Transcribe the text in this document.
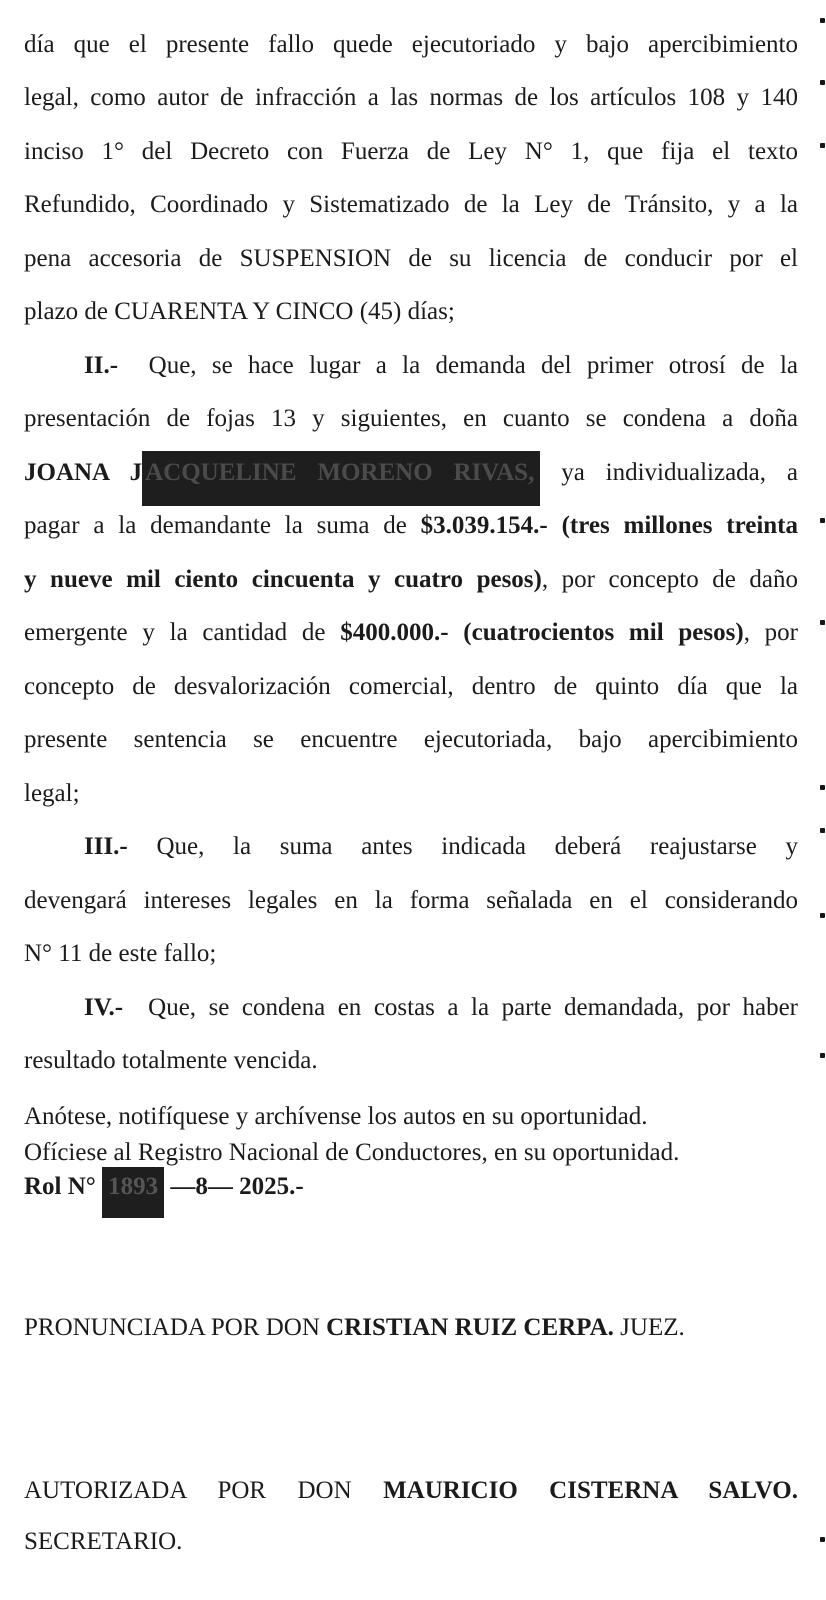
día que el presente fallo quede ejecutoriado y bajo apercibimiento
legal, como autor de infracción a las normas de los artículos 108 y 140
inciso 1° del Decreto con Fuerza de Ley N° 1, que fija el texto
Refundido, Coordinado y Sistematizado de la Ley de Tránsito, y a la
pena accesoria de SUSPENSION de su licencia de conducir por el
plazo de CUARENTA Y CINCO (45) días;
II.-  Que, se hace lugar a la demanda del primer otrosí de la
presentación de fojas 13 y siguientes, en cuanto se condena a doña
JOANA J ACQUELINE MORENO RIVAS, ya individualizada, a
pagar a la demandante la suma de $3.039.154.- (tres millones treinta
y nueve mil ciento cincuenta y cuatro pesos), por concepto de daño
emergente y la cantidad de $400.000.- (cuatrocientos mil pesos), por
concepto de desvalorización comercial, dentro de quinto día que la
presente sentencia se encuentre ejecutoriada, bajo apercibimiento
legal;
III.- Que, la suma antes indicada deberá reajustarse y
devengará intereses legales en la forma señalada en el considerando
N° 11 de este fallo;
IV.-  Que, se condena en costas a la parte demandada, por haber
resultado totalmente vencida.
Anótese, notifíquese y archívense los autos en su oportunidad.
Ofíciese al Registro Nacional de Conductores, en su oportunidad.
Rol N° 1893 —8— 2025.-
PRONUNCIADA POR DON CRISTIAN RUIZ CERPA. JUEZ.
AUTORIZADA POR DON MAURICIO CISTERNA SALVO.
SECRETARIO.
